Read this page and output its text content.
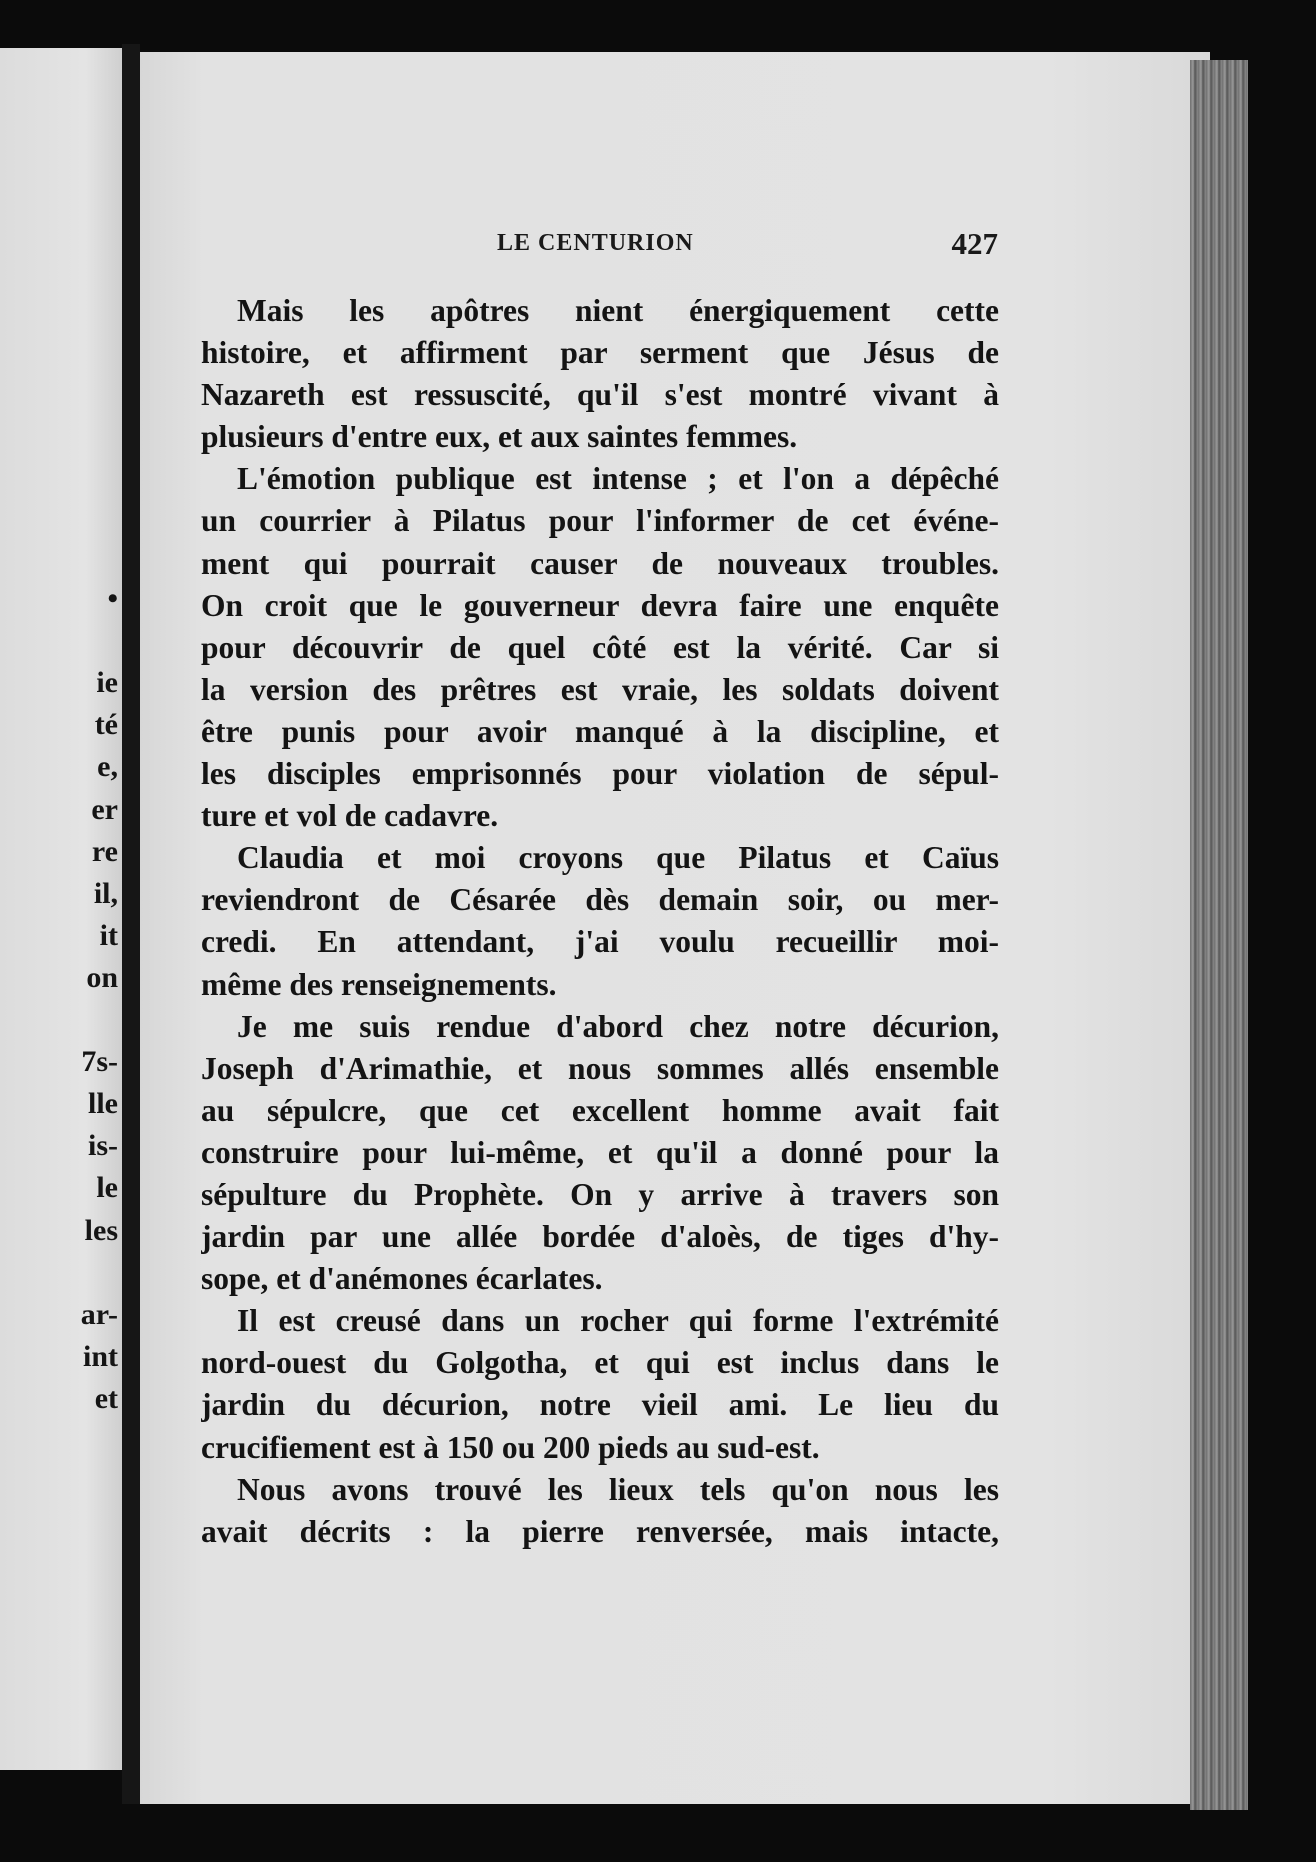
•
ie
té
e,
er
re
il,
it
on
7s-
lle
is-
le
les
ar-
int
et
LE CENTURION	427
Mais les apôtres nient énergiquement cette
histoire, et affirment par serment que Jésus de
Nazareth est ressuscité, qu'il s'est montré vivant à
plusieurs d'entre eux, et aux saintes femmes.
L'émotion publique est intense ; et l'on a dépêché
un courrier à Pilatus pour l'informer de cet événe-
ment qui pourrait causer de nouveaux troubles.
On croit que le gouverneur devra faire une enquête
pour découvrir de quel côté est la vérité. Car si
la version des prêtres est vraie, les soldats doivent
être punis pour avoir manqué à la discipline, et
les disciples emprisonnés pour violation de sépul-
ture et vol de cadavre.
Claudia et moi croyons que Pilatus et Caïus
reviendront de Césarée dès demain soir, ou mer-
credi. En attendant, j'ai voulu recueillir moi-
même des renseignements.
Je me suis rendue d'abord chez notre décurion,
Joseph d'Arimathie, et nous sommes allés ensemble
au sépulcre, que cet excellent homme avait fait
construire pour lui-même, et qu'il a donné pour la
sépulture du Prophète. On y arrive à travers son
jardin par une allée bordée d'aloès, de tiges d'hy-
sope, et d'anémones écarlates.
Il est creusé dans un rocher qui forme l'extrémité
nord-ouest du Golgotha, et qui est inclus dans le
jardin du décurion, notre vieil ami. Le lieu du
crucifiement est à 150 ou 200 pieds au sud-est.
Nous avons trouvé les lieux tels qu'on nous les
avait décrits : la pierre renversée, mais intacte,
